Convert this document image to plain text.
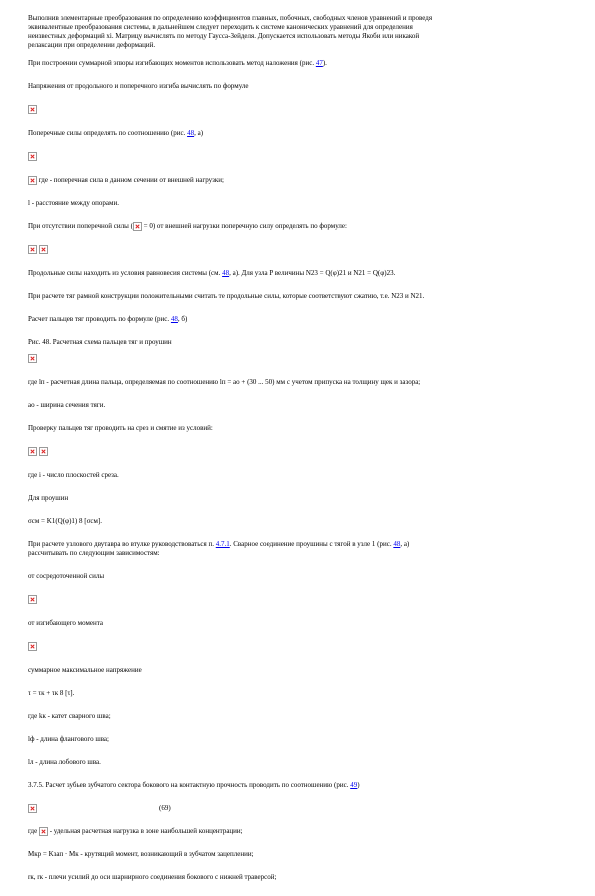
Выполнив элементарные преобразования по определению коэффициентов главных, побочных, свободных членов уравнений и проведя
эквивалентные преобразования системы, в дальнейшем следует переходить к системе канонических уравнений для определения
неизвестных деформаций xi. Матрицу вычислять по методу Гаусса-Зейделя. Допускается использовать методы Якоби или никакой
релаксации при определении деформаций.
При построении суммарной эпюры изгибающих моментов использовать метод наложения (рис. 47).
Напряжения от продольного и поперечного изгиба вычислять по формуле
Поперечные силы определять по соотношению (рис. 48, а)
где - поперечная сила в данном сечении от внешней нагрузки;
l - расстояние между опорами.
При отсутствии поперечной силы ( = 0) от внешней нагрузки поперечную силу определять по формуле:

Продольные силы находить из условия равновесия системы (см. 48, а). Для узла P величины N23 = Q(φ)21 и N21 = Q(φ)23.
При расчете тяг рамной конструкции положительными считать те продольные силы, которые соответствуют сжатию, т.е. N23 и N21.
Расчет пальцев тяг проводить по формуле (рис. 48, б)
Рис. 48. Расчетная схема пальцев тяг и проушин
где lп - расчетная длина пальца, определяемая по соотношению lп = aо + (30 ... 50) мм с учетом припуска на толщину щек и зазора;
aо - ширина сечения тяги.
Проверку пальцев тяг проводить на срез и смятие из условий:

где i - число плоскостей среза.
Для проушин
σсм = K1(Q(φ)1) 8 [σсм].
При расчете узлового двутавра во втулке руководствоваться п. 4.7.1. Сварное соединение проушины с тягой в узле 1 (рис. 48, а)
рассчитывать по следующим зависимостям:
от сосредоточенной силы
от изгибающего момента
суммарное максимальное напряжение
τ = τк + τк 8 [τ].
где kк - катет сварного шва;
lф - длина флангового шва;
lл - длина лобового шва.
3.7.5. Расчет зубьев зубчатого сектора бокового на контактную прочность проводить по соотношению (рис. 49)
(69)
где  - удельная расчетная нагрузка в зоне наибольшей концентрации;
Mкр = Kзап · Mк - крутящий момент, возникающий в зубчатом зацеплении;
rк, rк - плечи усилий до оси шарнирного соединения бокового с нижней траверсой;
